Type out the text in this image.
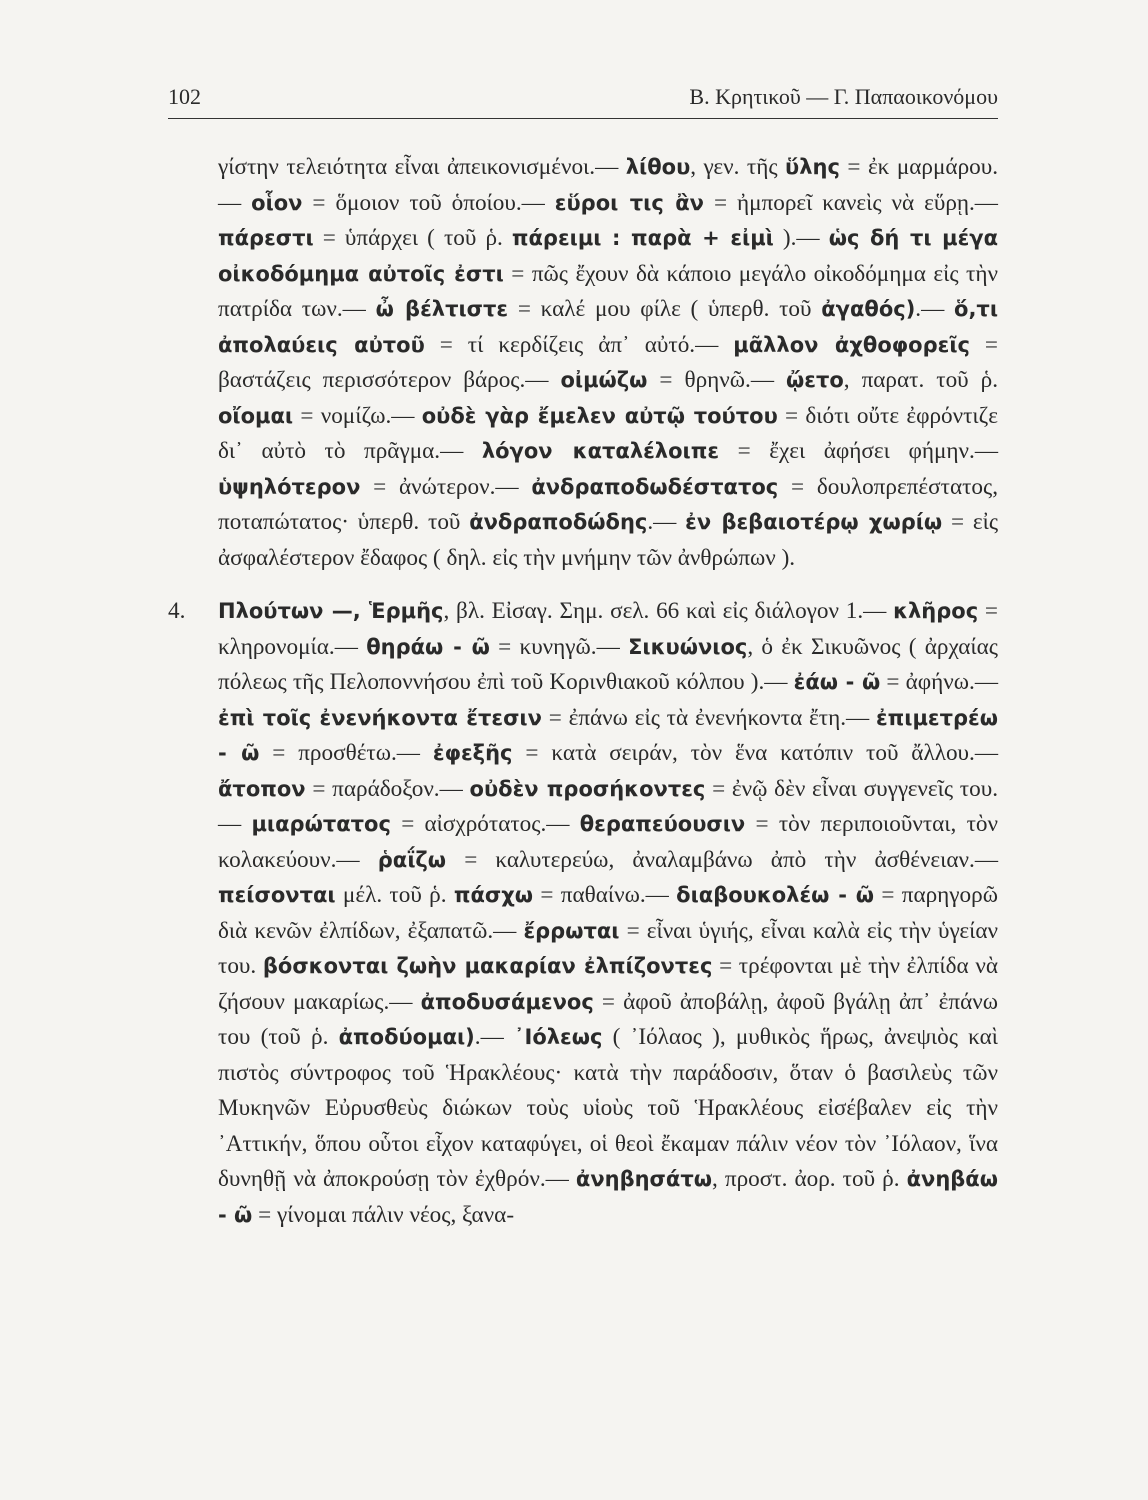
102	Β. Κρητικοῦ — Γ. Παπαοικονόμου

γίστην τελειότητα εἶναι ἀπεικονισμένοι.— λίθου, γεν. τῆς ὕλης = ἐκ μαρμάρου.— οἷον = ὅμοιον τοῦ ὁποίου.— εὕροι τις ἂν = ἠμπορεῖ κανεὶς νὰ εὕρῃ.— πάρεστι = ὑπάρχει ( τοῦ ῥ. πάρειμι : παρὰ + εἰμὶ ).— ὡς δή τι μέγα οἰκοδόμημα αὐτοῖς ἐστι = πῶς ἔχουν δὰ κάποιο μεγάλο οἰκοδόμημα εἰς τὴν πατρίδα των.— ὦ βέλτιστε = καλέ μου φίλε ( ὑπερθ. τοῦ ἀγαθός).— ὅ,τι ἀπολαύεις αὐτοῦ = τί κερδίζεις ἀπ᾽ αὐτό.— μᾶλλον ἀχθοφορεῖς = βαστάζεις περισσότερον βάρος.— οἰμώζω = θρηνῶ.— ᾤετο, παρατ. τοῦ ῥ. οἴομαι = νομίζω.— οὐδὲ γὰρ ἔμελεν αὐτῷ τούτου = διότι οὔτε ἐφρόντιζε δι᾽ αὐτὸ τὸ πρᾶγμα.— λόγον καταλέλοιπε = ἔχει ἀφήσει φήμην.— ὑψηλότερον = ἀνώτερον.— ἀνδραποδωδέστατος = δουλοπρεπέστατος, ποταπώτατος· ὑπερθ. τοῦ ἀνδραποδώδης.— ἐν βεβαιοτέρῳ χωρίῳ = εἰς ἀσφαλέστερον ἔδαφος ( δηλ. εἰς τὴν μνήμην τῶν ἀνθρώπων ).

4. Πλούτων —, Ἑρμῆς, βλ. Εἰσαγ. Σημ. σελ. 66 καὶ εἰς διάλογον 1.— κλῆρος = κληρονομία.— θηράω - ῶ = κυνηγῶ.— Σικυώνιος, ὁ ἐκ Σικυῶνος ( ἀρχαίας πόλεως τῆς Πελοποννήσου ἐπὶ τοῦ Κορινθιακοῦ κόλπου ).— ἐάω - ῶ = ἀφήνω.— ἐπὶ τοῖς ἐνενήκοντα ἔτεσιν = ἐπάνω εἰς τὰ ἐνενήκοντα ἔτη.— ἐπιμετρέω - ῶ = προσθέτω.— ἐφεξῆς = κατὰ σειράν, τὸν ἕνα κατόπιν τοῦ ἄλλου.— ἄτοπον = παράδοξον.— οὐδὲν προσήκοντες = ἐνῷ δὲν εἶναι συγγενεῖς του.— μιαρώτατος = αἰσχρότατος.— θεραπεύουσιν = τὸν περιποιοῦνται, τὸν κολακεύουν.— ῥαΐζω = καλυτερεύω, ἀναλαμβάνω ἀπὸ τὴν ἀσθένειαν.— πείσονται μέλ. τοῦ ῥ. πάσχω = παθαίνω.— διαβουκολέω - ῶ = παρηγορῶ διὰ κενῶν ἐλπίδων, ἐξαπατῶ.— ἔρρωται = εἶναι ὑγιής, εἶναι καλὰ εἰς τὴν ὑγείαν του. βόσκονται ζωὴν μακαρίαν ἐλπίζοντες = τρέφονται μὲ τὴν ἐλπίδα νὰ ζήσουν μακαρίως.— ἀποδυσάμενος = ἀφοῦ ἀποβάλῃ, ἀφοῦ βγάλῃ ἀπ᾽ ἐπάνω του (τοῦ ῥ. ἀποδύομαι).— ᾽Ιόλεως ( ᾽Ιόλαος ), μυθικὸς ἥρως, ἀνεψιὸς καὶ πιστὸς σύντροφος τοῦ Ἡρακλέους· κατὰ τὴν παράδοσιν, ὅταν ὁ βασιλεὺς τῶν Μυκηνῶν Εὐρυσθεὺς διώκων τοὺς υἱοὺς τοῦ Ἡρακλέους εἰσέβαλεν εἰς τὴν ᾽Αττικήν, ὅπου οὗτοι εἶχον καταφύγει, οἱ θεοὶ ἔκαμαν πάλιν νέον τὸν ᾽Ιόλαον, ἵνα δυνηθῇ νὰ ἀποκρούσῃ τὸν ἐχθρόν.— ἀνηβησάτω, προστ. ἀορ. τοῦ ῥ. ἀνηβάω - ῶ = γίνομαι πάλιν νέος, ξανα-
